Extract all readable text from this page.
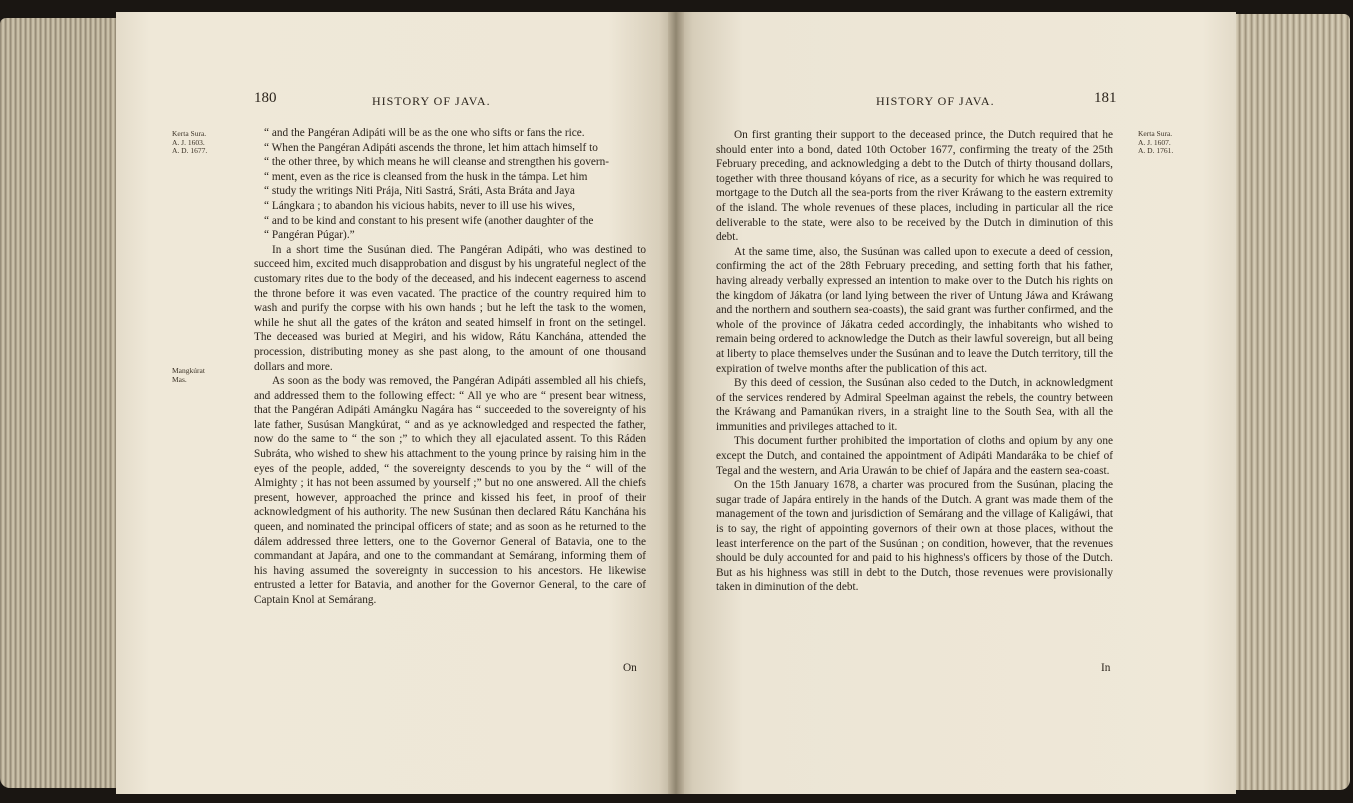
180	HISTORY OF JAVA.
Kerta Sura.
A. J. 1603.
A. D. 1677.
Mangkúrat
Mas.

“ and the Pangéran Adipáti will be as the one who sifts or fans the rice.

“ When the Pangéran Adipáti ascends the throne, let him attach himself to

“ the other three, by which means he will cleanse and strengthen his govern-

“ ment, even as the rice is cleansed from the husk in the támpa. Let him

“ study the writings Niti Prája, Niti Sastrá, Sráti, Asta Bráta and Jaya

“ Lángkara ; to abandon his vicious habits, never to ill use his wives,

“ and to be kind and constant to his present wife (another daughter of the

“ Pangéran Púgar).”

In a short time the Susúnan died. The Pangéran Adipáti, who was destined to succeed him, excited much disapprobation and disgust by his ungrateful neglect of the customary rites due to the body of the deceased, and his indecent eagerness to ascend the throne before it was even vacated. The practice of the country required him to wash and purify the corpse with his own hands ; but he left the task to the women, while he shut all the gates of the kráton and seated himself in front on the setingel. The deceased was buried at Megiri, and his widow, Rátu Kanchána, attended the procession, distributing money as she past along, to the amount of one thousand dollars and more.

As soon as the body was removed, the Pangéran Adipáti assembled all his chiefs, and addressed them to the following effect: “ All ye who are “ present bear witness, that the Pangéran Adipáti Amángku Nagára has “ succeeded to the sovereignty of his late father, Susúsan Mangkúrat, “ and as ye acknowledged and respected the father, now do the same to “ the son ;” to which they all ejaculated assent. To this Ráden Subráta, who wished to shew his attachment to the young prince by raising him in the eyes of the people, added, “ the sovereignty descends to you by the “ will of the Almighty ; it has not been assumed by yourself ;” but no one answered. All the chiefs present, however, approached the prince and kissed his feet, in proof of their acknowledgment of his authority. The new Susúnan then declared Rátu Kanchána his queen, and nominated the principal officers of state; and as soon as he returned to the dálem addressed three letters, one to the Governor General of Batavia, one to the commandant at Japára, and one to the commandant at Semárang, informing them of his having assumed the sovereignty in succession to his ancestors. He likewise entrusted a letter for Batavia, and another for the Governor General, to the care of Captain Knol at Semárang.

On
HISTORY OF JAVA.	181
Kerta Sura.
A. J. 1607.
A. D. 1761.

On first granting their support to the deceased prince, the Dutch required that he should enter into a bond, dated 10th October 1677, confirming the treaty of the 25th February preceding, and acknowledging a debt to the Dutch of thirty thousand dollars, together with three thousand kóyans of rice, as a security for which he was required to mortgage to the Dutch all the sea-ports from the river Kráwang to the eastern extremity of the island. The whole revenues of these places, including in particular all the rice deliverable to the state, were also to be received by the Dutch in diminution of this debt.

At the same time, also, the Susúnan was called upon to execute a deed of cession, confirming the act of the 28th February preceding, and setting forth that his father, having already verbally expressed an intention to make over to the Dutch his rights on the kingdom of Jákatra (or land lying between the river of Untung Jáwa and Kráwang and the northern and southern sea-coasts), the said grant was further confirmed, and the whole of the province of Jákatra ceded accordingly, the inhabitants who wished to remain being ordered to acknowledge the Dutch as their lawful sovereign, but all being at liberty to place themselves under the Susúnan and to leave the Dutch territory, till the expiration of twelve months after the publication of this act.

By this deed of cession, the Susúnan also ceded to the Dutch, in acknowledgment of the services rendered by Admiral Speelman against the rebels, the country between the Kráwang and Pamanúkan rivers, in a straight line to the South Sea, with all the immunities and privileges attached to it.

This document further prohibited the importation of cloths and opium by any one except the Dutch, and contained the appointment of Adipáti Mandaráka to be chief of Tegal and the western, and Aria Urawán to be chief of Japára and the eastern sea-coast.

On the 15th January 1678, a charter was procured from the Susúnan, placing the sugar trade of Japára entirely in the hands of the Dutch. A grant was made them of the management of the town and jurisdiction of Semárang and the village of Kaligáwi, that is to say, the right of appointing governors of their own at those places, without the least interference on the part of the Susúnan ; on condition, however, that the revenues should be duly accounted for and paid to his highness's officers by those of the Dutch. But as his highness was still in debt to the Dutch, those revenues were provisionally taken in diminution of the debt.

In
